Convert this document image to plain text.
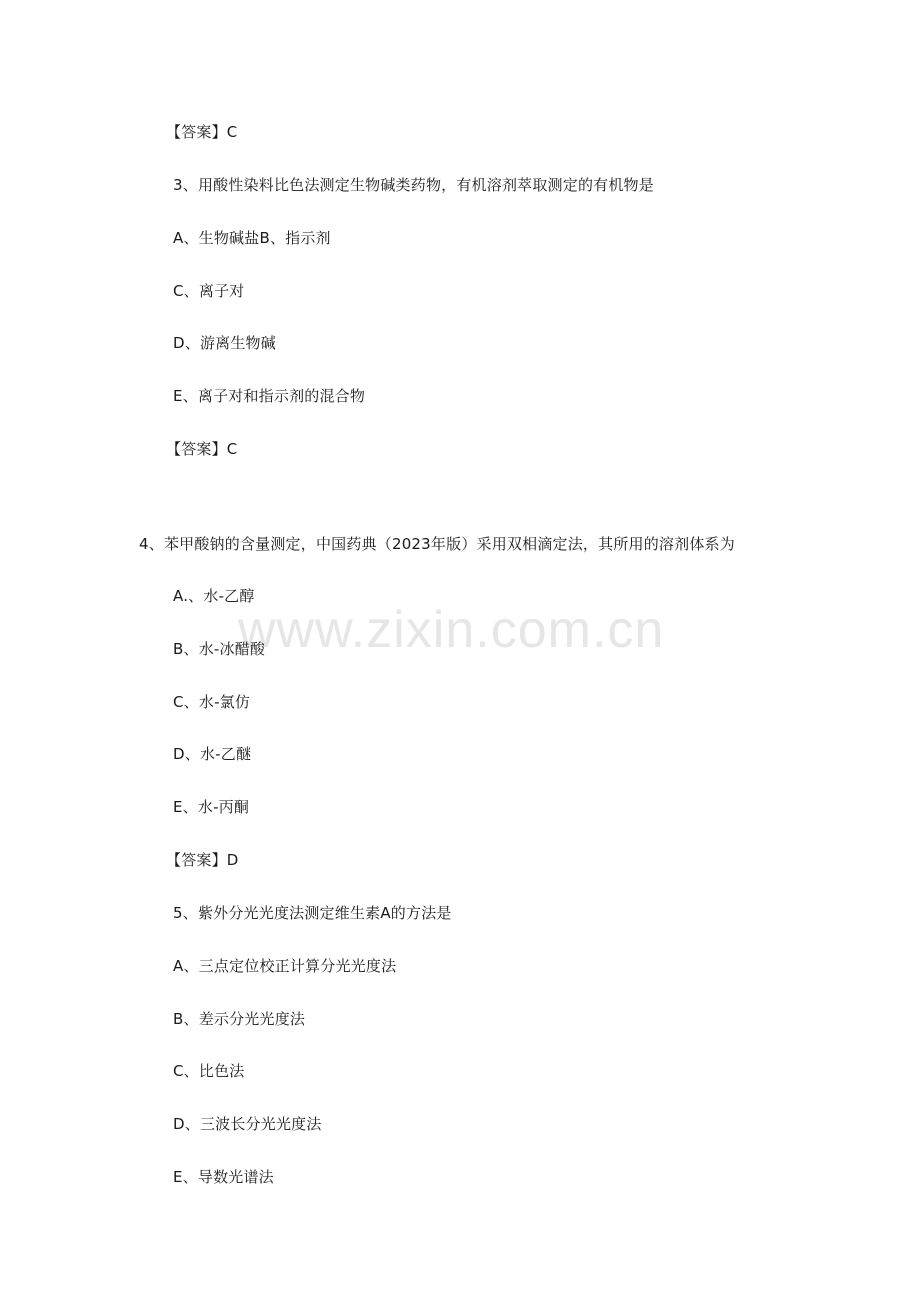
www.zixin.com.cn
【答案】C
3、用酸性染料比色法测定生物碱类药物，有机溶剂萃取测定的有机物是
A、生物碱盐B、指示剂
C、离子对
D、游离生物碱
E、离子对和指示剂的混合物
【答案】C
4、苯甲酸钠的含量测定，中国药典（2023年版）采用双相滴定法，其所用的溶剂体系为
A.、水-乙醇
B、水-冰醋酸
C、水-氯仿
D、水-乙醚
E、水-丙酮
【答案】D
5、紫外分光光度法测定维生素A的方法是
A、三点定位校正计算分光光度法
B、差示分光光度法
C、比色法
D、三波长分光光度法
E、导数光谱法
